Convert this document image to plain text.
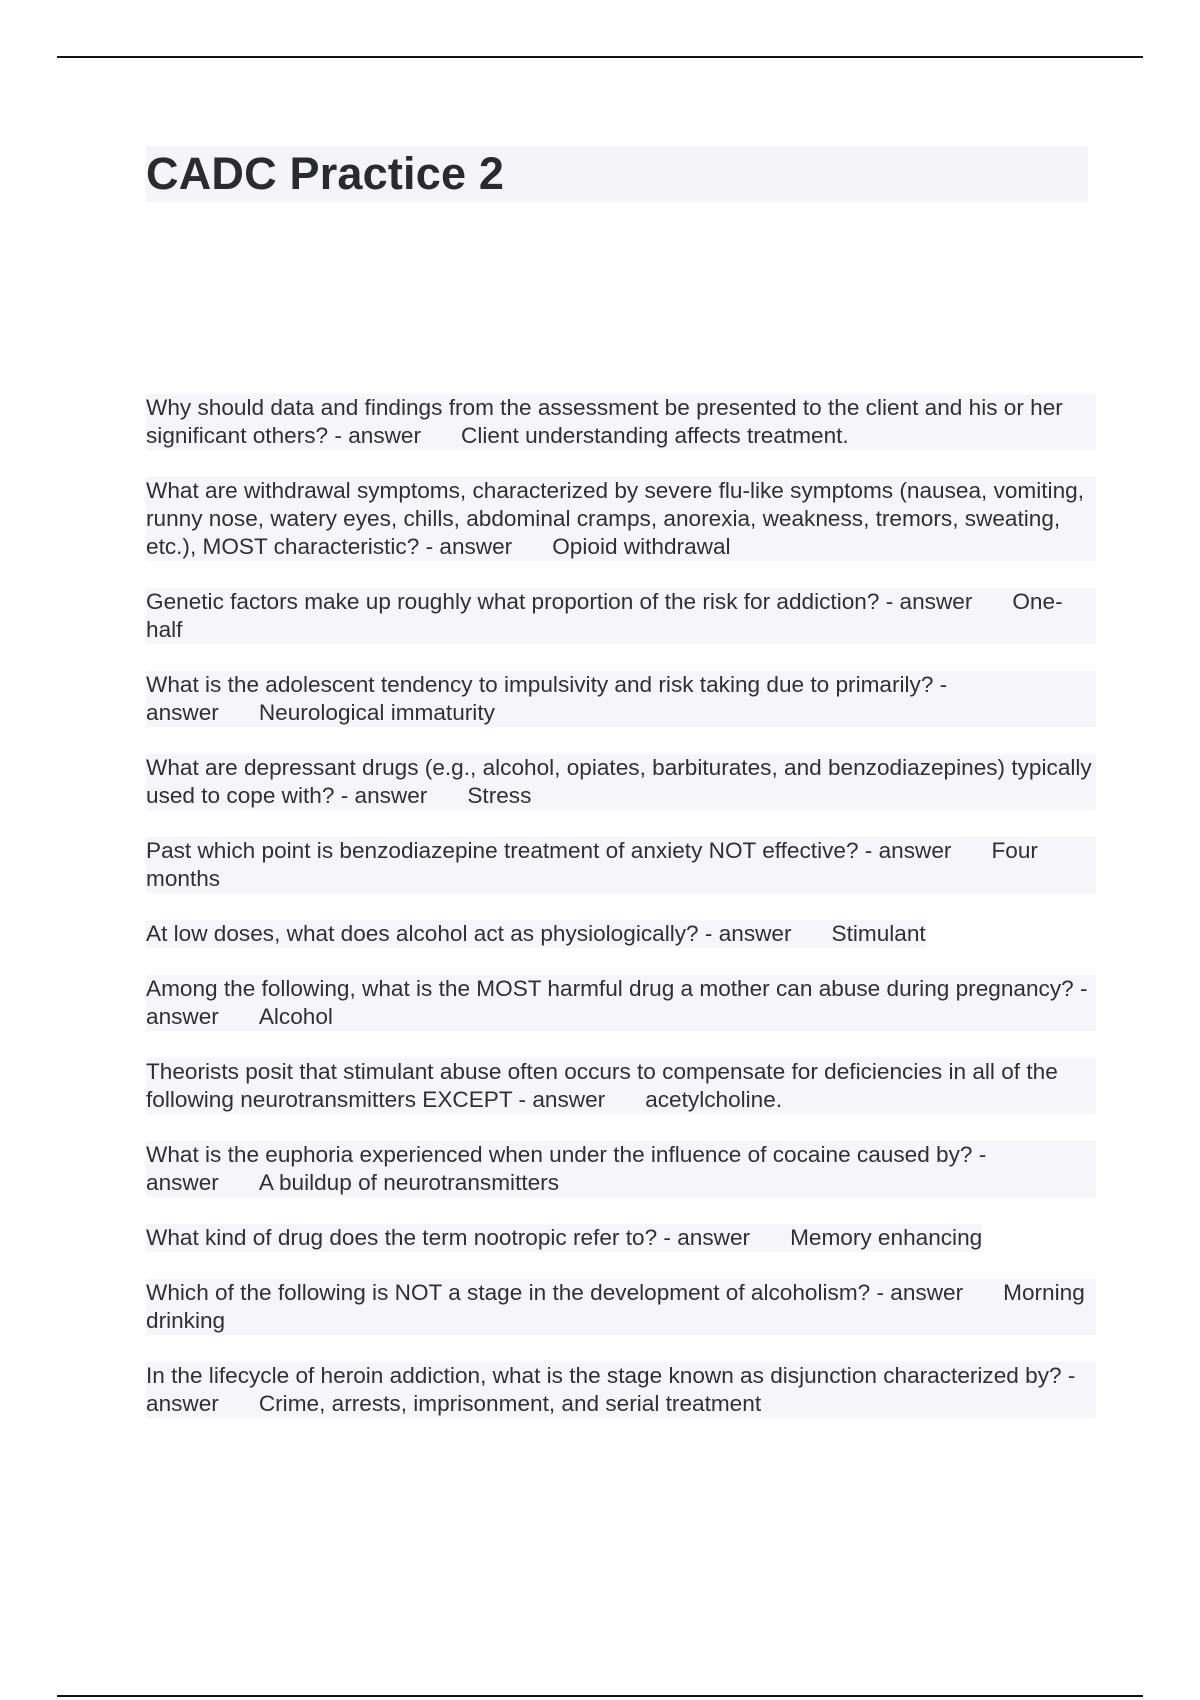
CADC Practice 2

Why should data and findings from the assessment be presented to the client and his or her significant others? - answer Client understanding affects treatment.

What are withdrawal symptoms, characterized by severe flu-like symptoms (nausea, vomiting, runny nose, watery eyes, chills, abdominal cramps, anorexia, weakness, tremors, sweating, etc.), MOST characteristic? - answer Opioid withdrawal

Genetic factors make up roughly what proportion of the risk for addiction? - answer One-half

What is the adolescent tendency to impulsivity and risk taking due to primarily? - answer Neurological immaturity

What are depressant drugs (e.g., alcohol, opiates, barbiturates, and benzodiazepines) typically used to cope with? - answer Stress

Past which point is benzodiazepine treatment of anxiety NOT effective? - answer Four months

At low doses, what does alcohol act as physiologically? - answer Stimulant

Among the following, what is the MOST harmful drug a mother can abuse during pregnancy? - answer Alcohol

Theorists posit that stimulant abuse often occurs to compensate for deficiencies in all of the following neurotransmitters EXCEPT - answer acetylcholine.

What is the euphoria experienced when under the influence of cocaine caused by? - answer A buildup of neurotransmitters

What kind of drug does the term nootropic refer to? - answer Memory enhancing

Which of the following is NOT a stage in the development of alcoholism? - answer Morning drinking

In the lifecycle of heroin addiction, what is the stage known as disjunction characterized by? - answer Crime, arrests, imprisonment, and serial treatment
